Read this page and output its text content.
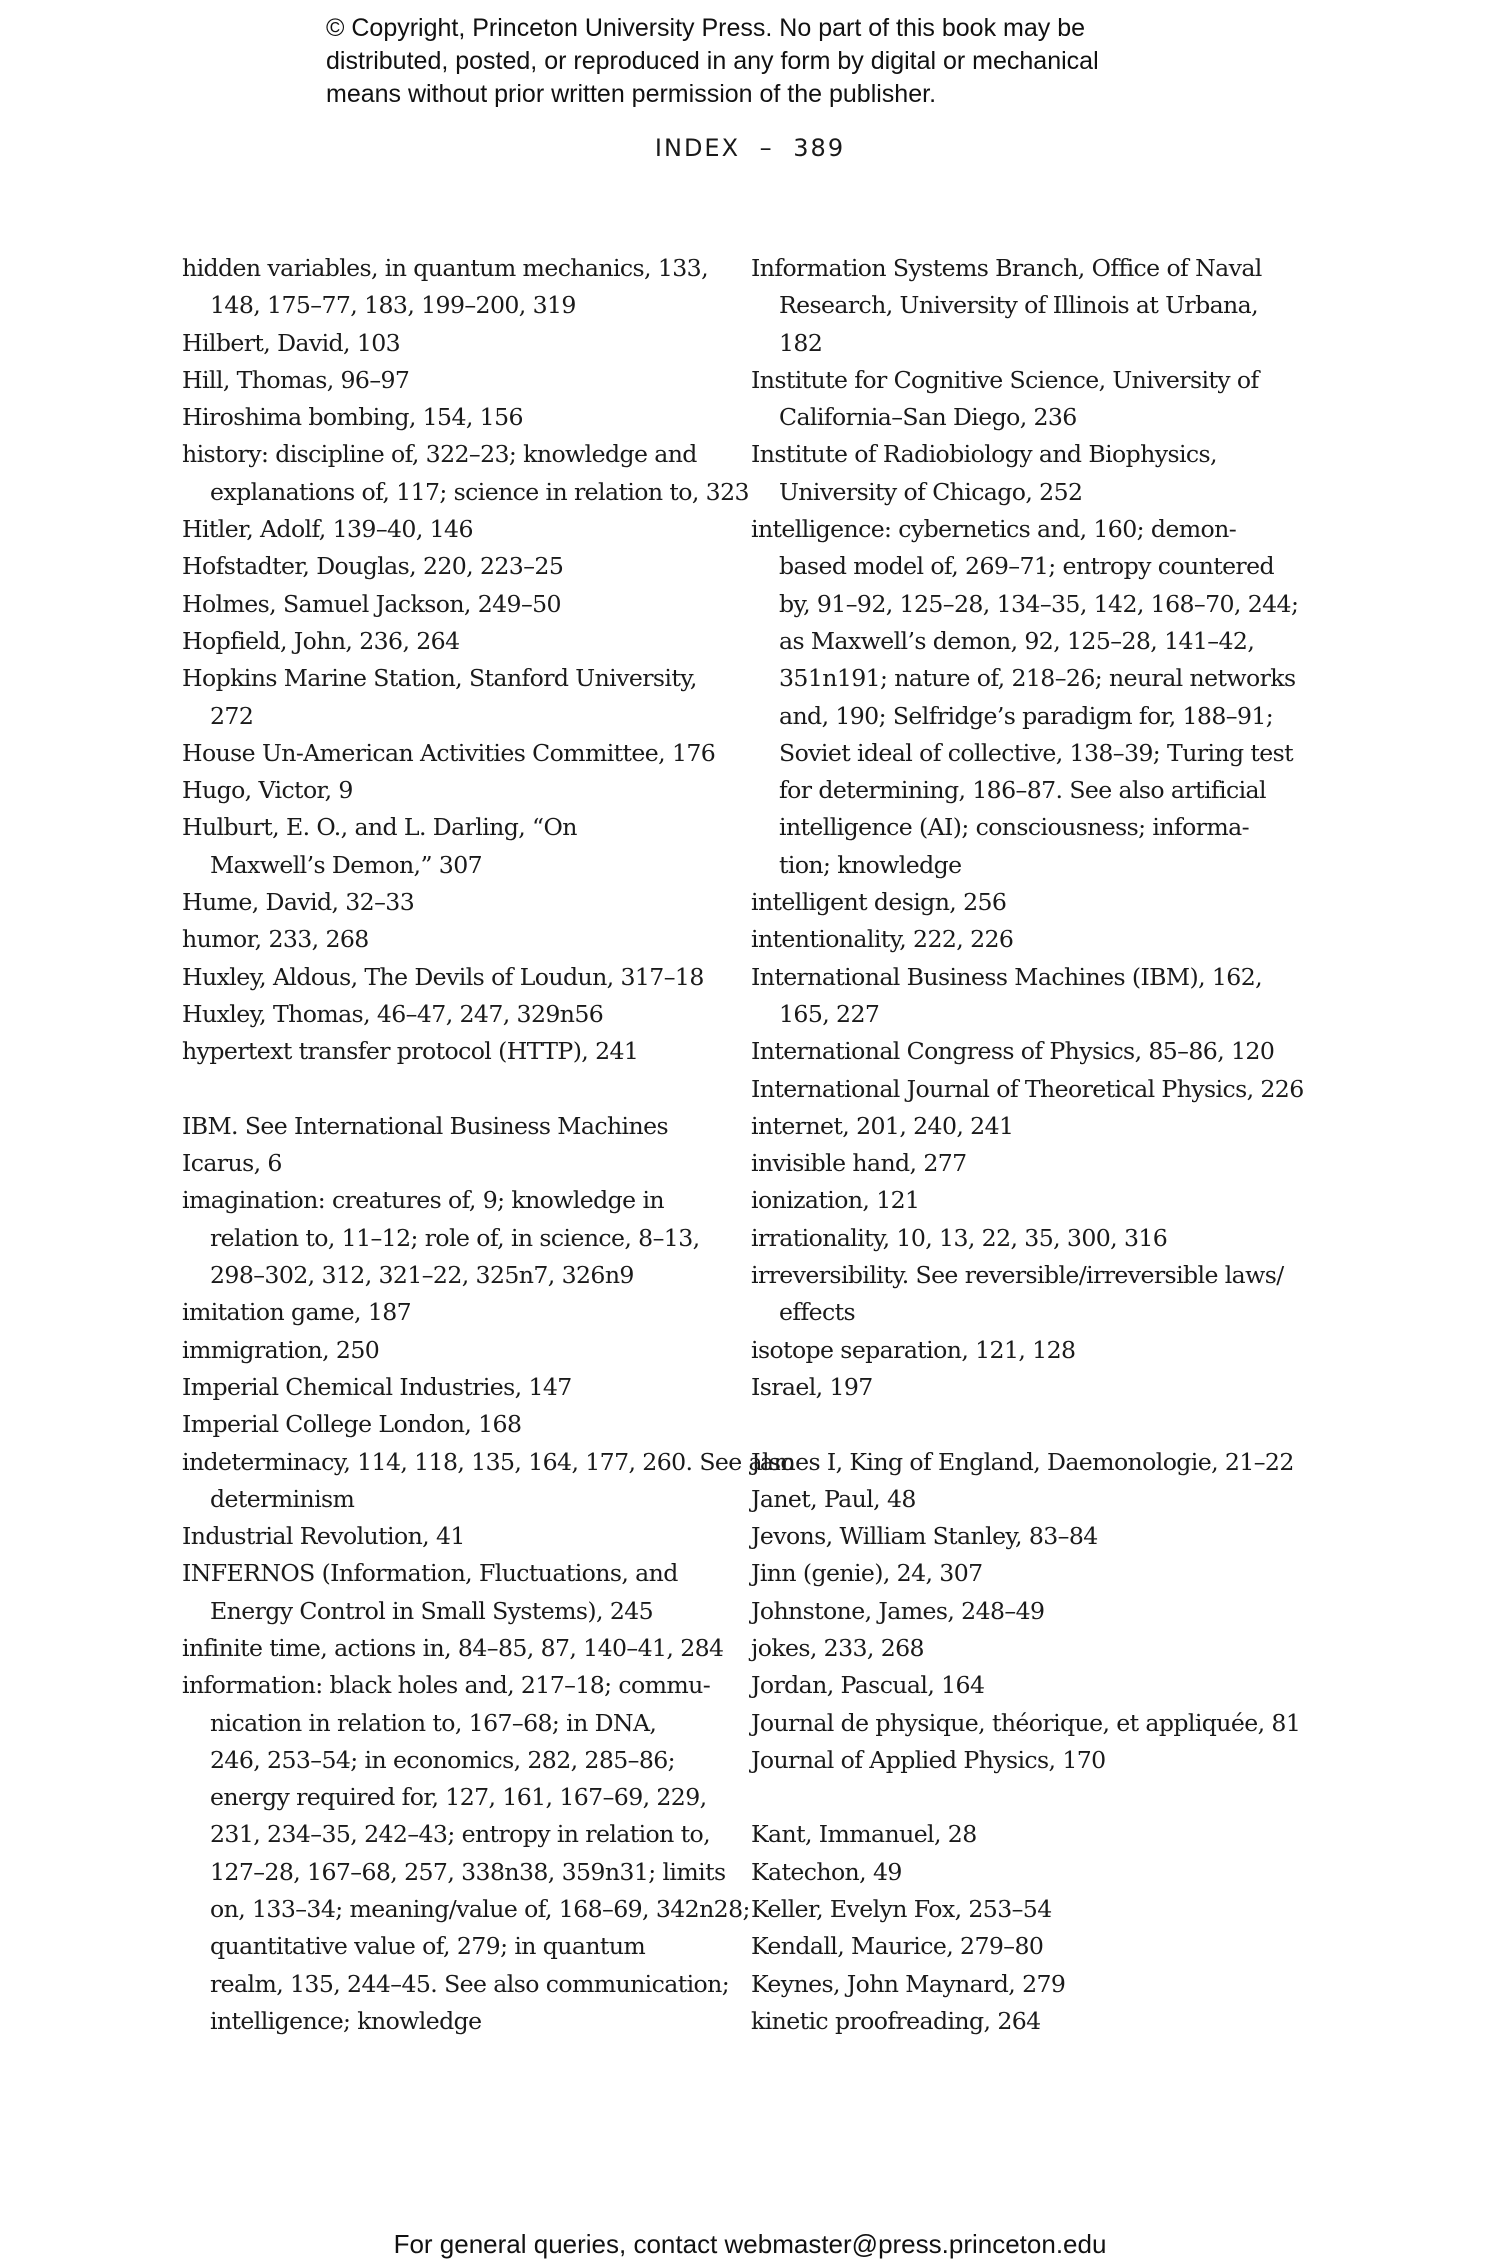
© Copyright, Princeton University Press. No part of this book may be
distributed, posted, or reproduced in any form by digital or mechanical
means without prior written permission of the publisher.
INDEX – 389
hidden variables, in quantum mechanics, 133,
148, 175–77, 183, 199–200, 319
Hilbert, David, 103
Hill, Thomas, 96–97
Hiroshima bombing, 154, 156
history: discipline of, 322–23; knowledge and
explanations of, 117; science in relation to, 323
Hitler, Adolf, 139–40, 146
Hofstadter, Douglas, 220, 223–25
Holmes, Samuel Jackson, 249–50
Hopfield, John, 236, 264
Hopkins Marine Station, Stanford University,
272
House Un-American Activities Committee, 176
Hugo, Victor, 9
Hulburt, E. O., and L. Darling, “On
Maxwell’s Demon,” 307
Hume, David, 32–33
humor, 233, 268
Huxley, Aldous, The Devils of Loudun, 317–18
Huxley, Thomas, 46–47, 247, 329n56
hypertext transfer protocol (HTTP), 241
IBM. See International Business Machines
Icarus, 6
imagination: creatures of, 9; knowledge in
relation to, 11–12; role of, in science, 8–13,
298–302, 312, 321–22, 325n7, 326n9
imitation game, 187
immigration, 250
Imperial Chemical Industries, 147
Imperial College London, 168
indeterminacy, 114, 118, 135, 164, 177, 260. See also
determinism
Industrial Revolution, 41
INFERNOS (Information, Fluctuations, and
Energy Control in Small Systems), 245
infinite time, actions in, 84–85, 87, 140–41, 284
information: black holes and, 217–18; commu-
nication in relation to, 167–68; in DNA,
246, 253–54; in economics, 282, 285–86;
energy required for, 127, 161, 167–69, 229,
231, 234–35, 242–43; entropy in relation to,
127–28, 167–68, 257, 338n38, 359n31; limits
on, 133–34; meaning/value of, 168–69, 342n28;
quantitative value of, 279; in quantum
realm, 135, 244–45. See also communication;
intelligence; knowledge
Information Systems Branch, Office of Naval
Research, University of Illinois at Urbana,
182
Institute for Cognitive Science, University of
California–San Diego, 236
Institute of Radiobiology and Biophysics,
University of Chicago, 252
intelligence: cybernetics and, 160; demon-
based model of, 269–71; entropy countered
by, 91–92, 125–28, 134–35, 142, 168–70, 244;
as Maxwell’s demon, 92, 125–28, 141–42,
351n191; nature of, 218–26; neural networks
and, 190; Selfridge’s paradigm for, 188–91;
Soviet ideal of collective, 138–39; Turing test
for determining, 186–87. See also artificial
intelligence (AI); consciousness; informa-
tion; knowledge
intelligent design, 256
intentionality, 222, 226
International Business Machines (IBM), 162,
165, 227
International Congress of Physics, 85–86, 120
International Journal of Theoretical Physics, 226
internet, 201, 240, 241
invisible hand, 277
ionization, 121
irrationality, 10, 13, 22, 35, 300, 316
irreversibility. See reversible/irreversible laws/
effects
isotope separation, 121, 128
Israel, 197
James I, King of England, Daemonologie, 21–22
Janet, Paul, 48
Jevons, William Stanley, 83–84
Jinn (genie), 24, 307
Johnstone, James, 248–49
jokes, 233, 268
Jordan, Pascual, 164
Journal de physique, théorique, et appliquée, 81
Journal of Applied Physics, 170
Kant, Immanuel, 28
Katechon, 49
Keller, Evelyn Fox, 253–54
Kendall, Maurice, 279–80
Keynes, John Maynard, 279
kinetic proofreading, 264
For general queries, contact webmaster@press.princeton.edu
